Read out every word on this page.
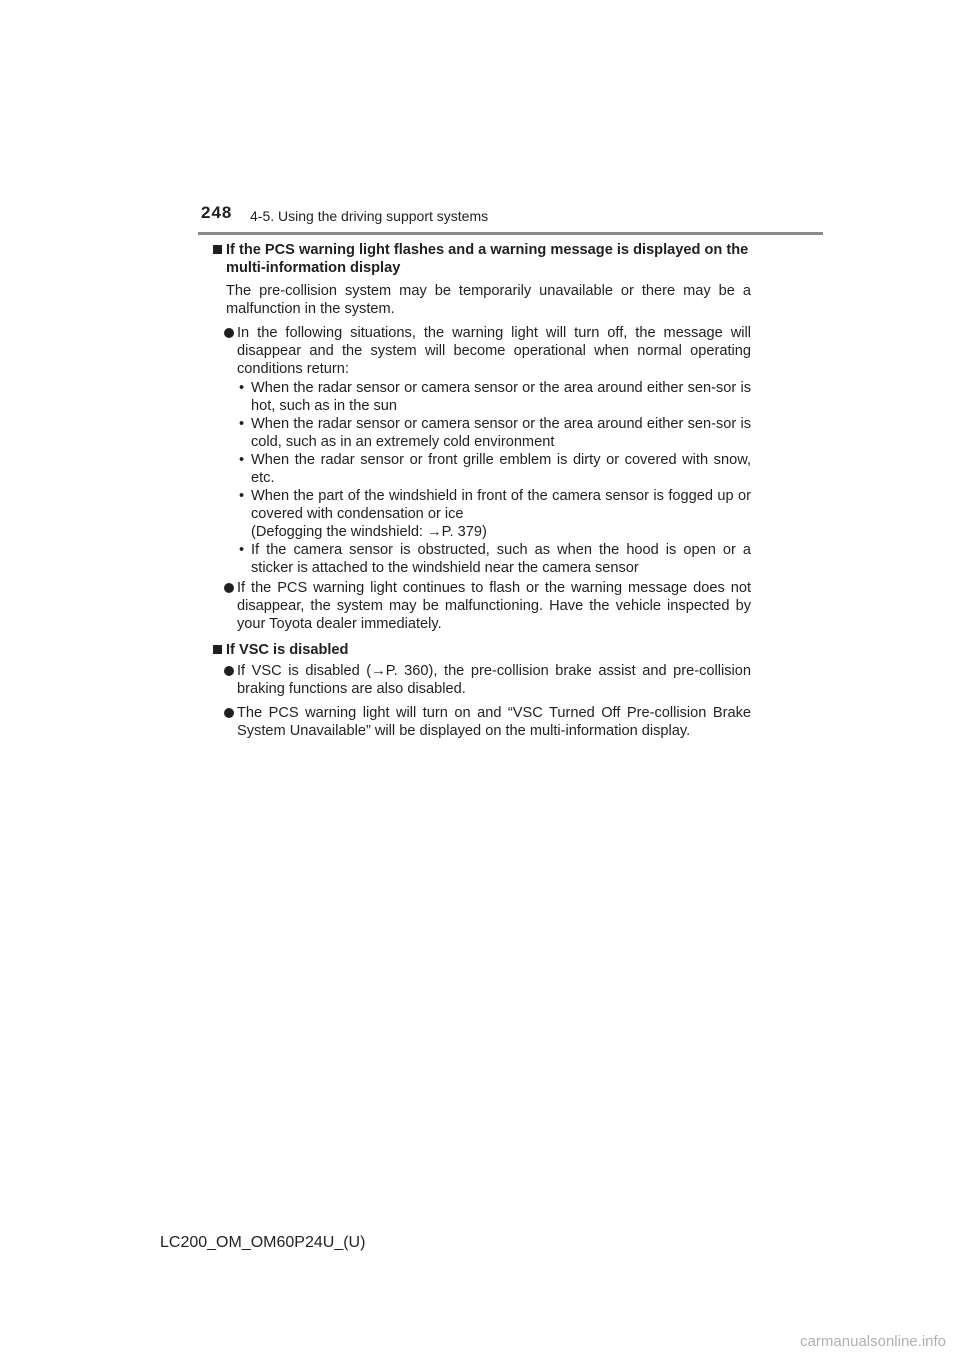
248 4-5. Using the driving support systems
If the PCS warning light flashes and a warning message is displayed on the multi-information display
The pre-collision system may be temporarily unavailable or there may be a malfunction in the system.
In the following situations, the warning light will turn off, the message will disappear and the system will become operational when normal operating conditions return:
• When the radar sensor or camera sensor or the area around either sen-sor is hot, such as in the sun
• When the radar sensor or camera sensor or the area around either sen-sor is cold, such as in an extremely cold environment
• When the radar sensor or front grille emblem is dirty or covered with snow, etc.
• When the part of the windshield in front of the camera sensor is fogged up or covered with condensation or ice
(Defogging the windshield: →P. 379)
• If the camera sensor is obstructed, such as when the hood is open or a sticker is attached to the windshield near the camera sensor
If the PCS warning light continues to flash or the warning message does not disappear, the system may be malfunctioning. Have the vehicle inspected by your Toyota dealer immediately.
If VSC is disabled
If VSC is disabled (→P. 360), the pre-collision brake assist and pre-collision braking functions are also disabled.
The PCS warning light will turn on and “VSC Turned Off Pre-collision Brake System Unavailable” will be displayed on the multi-information display.
LC200_OM_OM60P24U_(U)
carmanualsonline.info
